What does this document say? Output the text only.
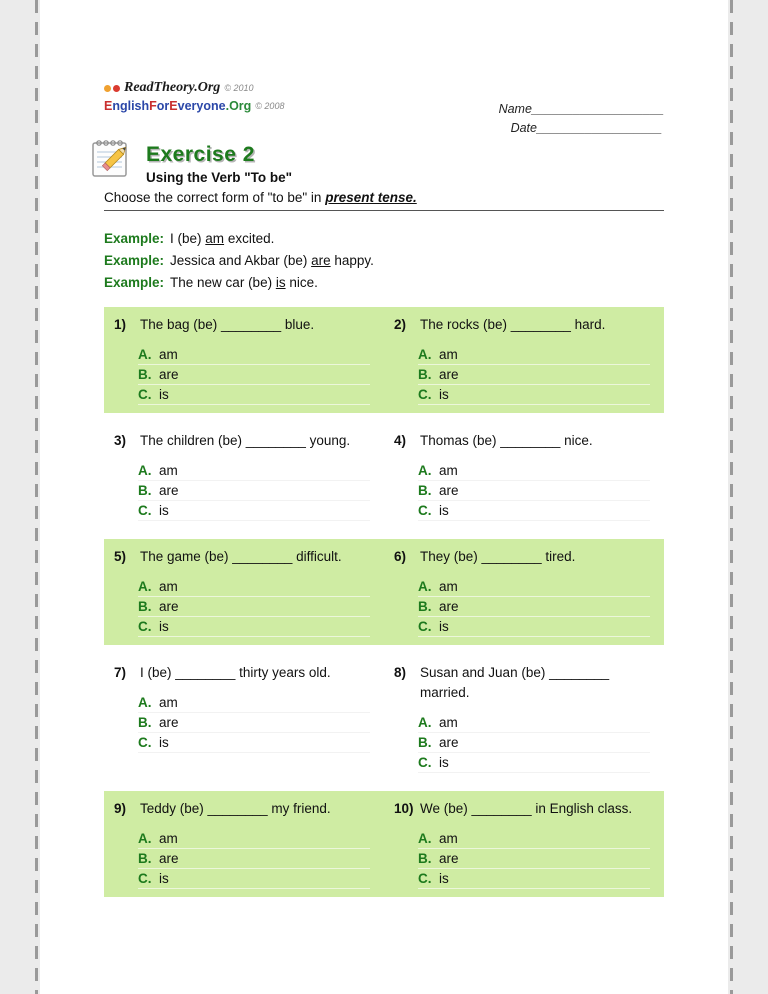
ReadTheory.Org © 2010
E nglish F or E veryone .Org © 2008	Name___________________
Date__________________
Exercise 2
Using the Verb "To be"
Choose the correct form of "to be" in present tense.
Example: I (be) am excited.
Example: Jessica and Akbar (be) are happy.
Example: The new car (be) is nice.
1)	The bag (be) ________ blue.
A. am
B. are
C. is
2)	The rocks (be) ________ hard.
A. am
B. are
C. is
3)	The children (be) ________ young.
A. am
B. are
C. is
4)	Thomas (be) ________ nice.
A. am
B. are
C. is
5)	The game (be) ________ difficult.
A. am
B. are
C. is
6)	They (be) ________ tired.
A. am
B. are
C. is
7)	I (be) ________ thirty years old.
A. am
B. are
C. is
8)	Susan and Juan (be) ________ married.
A. am
B. are
C. is
9)	Teddy (be) ________ my friend.
A. am
B. are
C. is
10) We (be) ________ in English class.
A. am
B. are
C. is
